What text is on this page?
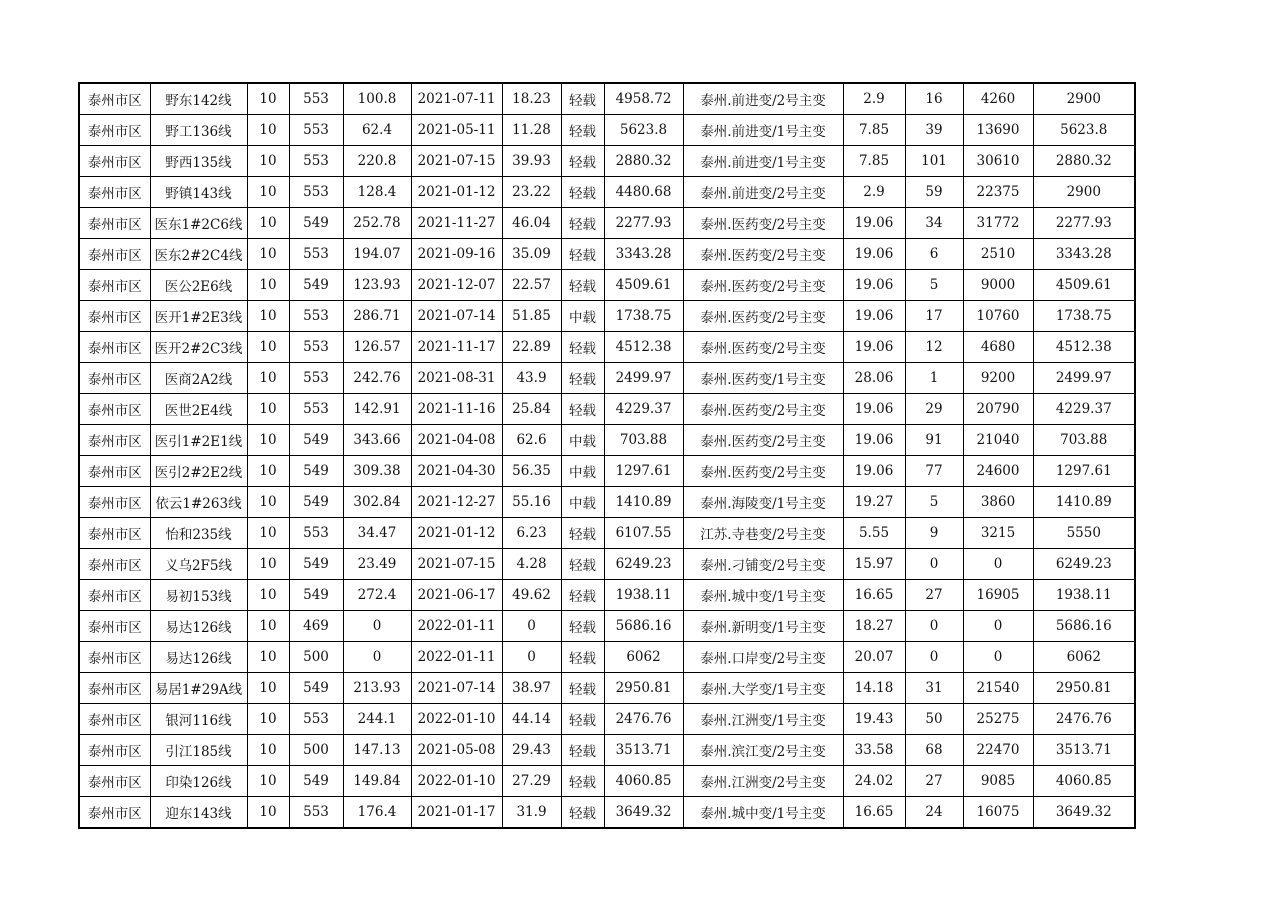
泰州市区	野东142线	10	553	100.8	2021-07-11	18.23	轻载	4958.72	泰州.前进变/2号主变	2.9	16	4260	2900
泰州市区	野工136线	10	553	62.4	2021-05-11	11.28	轻载	5623.8	泰州.前进变/1号主变	7.85	39	13690	5623.8
泰州市区	野西135线	10	553	220.8	2021-07-15	39.93	轻载	2880.32	泰州.前进变/1号主变	7.85	101	30610	2880.32
泰州市区	野镇143线	10	553	128.4	2021-01-12	23.22	轻载	4480.68	泰州.前进变/2号主变	2.9	59	22375	2900
泰州市区	医东1#2C6线	10	549	252.78	2021-11-27	46.04	轻载	2277.93	泰州.医药变/2号主变	19.06	34	31772	2277.93
泰州市区	医东2#2C4线	10	553	194.07	2021-09-16	35.09	轻载	3343.28	泰州.医药变/2号主变	19.06	6	2510	3343.28
泰州市区	医公2E6线	10	549	123.93	2021-12-07	22.57	轻载	4509.61	泰州.医药变/2号主变	19.06	5	9000	4509.61
泰州市区	医开1#2E3线	10	553	286.71	2021-07-14	51.85	中载	1738.75	泰州.医药变/2号主变	19.06	17	10760	1738.75
泰州市区	医开2#2C3线	10	553	126.57	2021-11-17	22.89	轻载	4512.38	泰州.医药变/2号主变	19.06	12	4680	4512.38
泰州市区	医商2A2线	10	553	242.76	2021-08-31	43.9	轻载	2499.97	泰州.医药变/1号主变	28.06	1	9200	2499.97
泰州市区	医世2E4线	10	553	142.91	2021-11-16	25.84	轻载	4229.37	泰州.医药变/2号主变	19.06	29	20790	4229.37
泰州市区	医引1#2E1线	10	549	343.66	2021-04-08	62.6	中载	703.88	泰州.医药变/2号主变	19.06	91	21040	703.88
泰州市区	医引2#2E2线	10	549	309.38	2021-04-30	56.35	中载	1297.61	泰州.医药变/2号主变	19.06	77	24600	1297.61
泰州市区	依云1#263线	10	549	302.84	2021-12-27	55.16	中载	1410.89	泰州.海陵变/1号主变	19.27	5	3860	1410.89
泰州市区	怡和235线	10	553	34.47	2021-01-12	6.23	轻载	6107.55	江苏.寺巷变/2号主变	5.55	9	3215	5550
泰州市区	义乌2F5线	10	549	23.49	2021-07-15	4.28	轻载	6249.23	泰州.刁铺变/2号主变	15.97	0	0	6249.23
泰州市区	易初153线	10	549	272.4	2021-06-17	49.62	轻载	1938.11	泰州.城中变/1号主变	16.65	27	16905	1938.11
泰州市区	易达126线	10	469	0	2022-01-11	0	轻载	5686.16	泰州.新明变/1号主变	18.27	0	0	5686.16
泰州市区	易达126线	10	500	0	2022-01-11	0	轻载	6062	泰州.口岸变/2号主变	20.07	0	0	6062
泰州市区	易居1#29A线	10	549	213.93	2021-07-14	38.97	轻载	2950.81	泰州.大学变/1号主变	14.18	31	21540	2950.81
泰州市区	银河116线	10	553	244.1	2022-01-10	44.14	轻载	2476.76	泰州.江洲变/1号主变	19.43	50	25275	2476.76
泰州市区	引江185线	10	500	147.13	2021-05-08	29.43	轻载	3513.71	泰州.滨江变/2号主变	33.58	68	22470	3513.71
泰州市区	印染126线	10	549	149.84	2022-01-10	27.29	轻载	4060.85	泰州.江洲变/2号主变	24.02	27	9085	4060.85
泰州市区	迎东143线	10	553	176.4	2021-01-17	31.9	轻载	3649.32	泰州.城中变/1号主变	16.65	24	16075	3649.32
